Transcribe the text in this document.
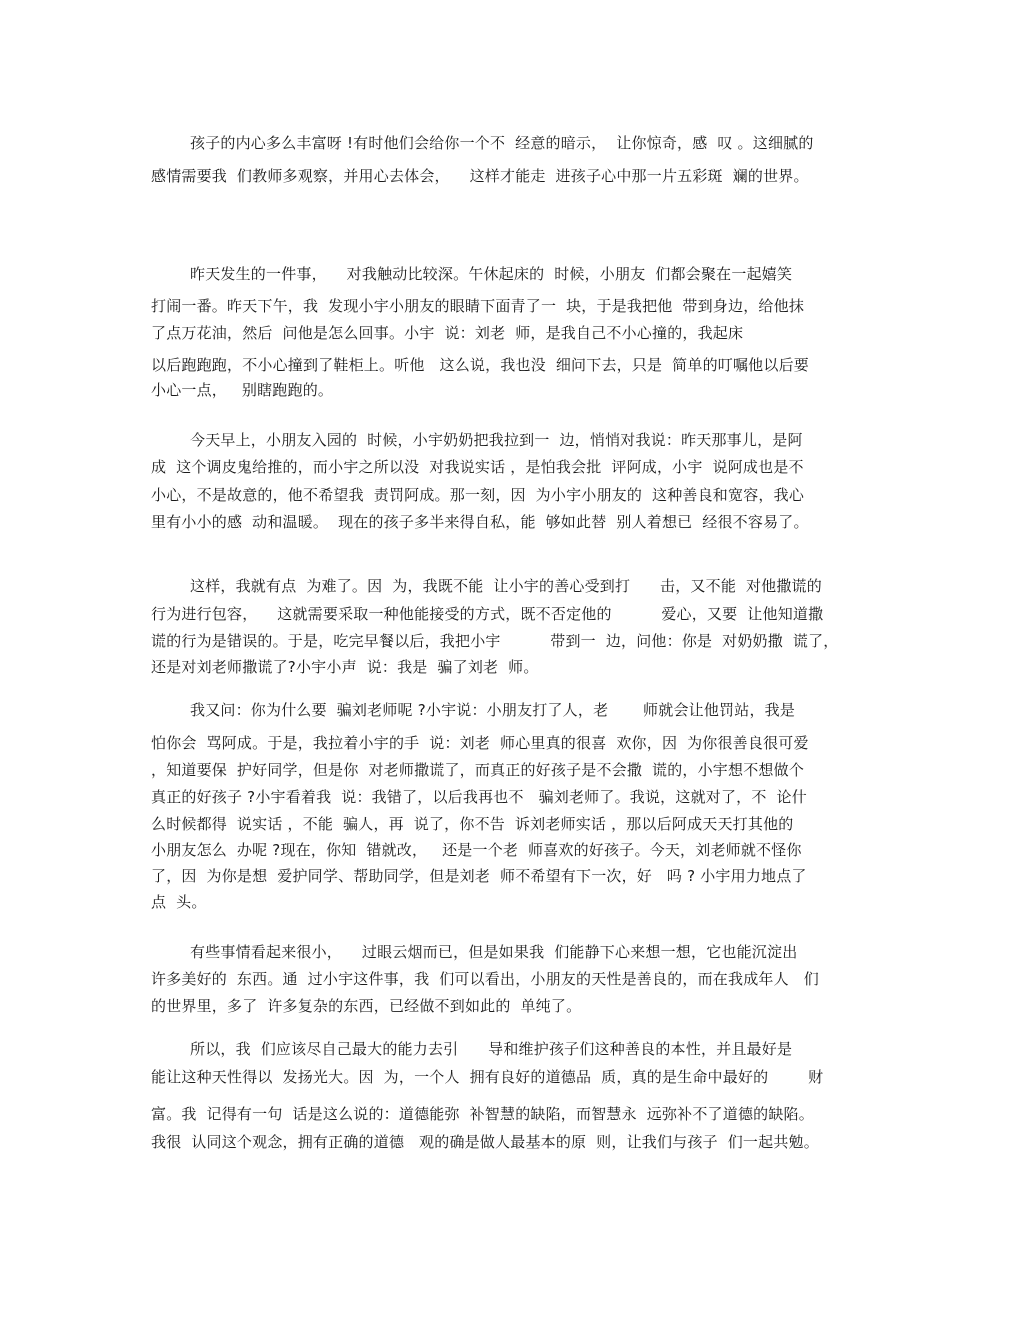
孩子的内心多么丰富呀 !有时他们会给你一个不  经意的暗示，  让你惊奇，感  叹 。这细腻的
感情需要我  们教师多观察，并用心去体会，    这样才能走  进孩子心中那一片五彩斑  斓的世界。
昨天发生的一件事，    对我触动比较深。午休起床的  时候，小朋友  们都会聚在一起嬉笑
打闹一番。昨天下午，我  发现小宇小朋友的眼睛下面青了一  块，于是我把他  带到身边，给他抹
了点万花油，然后  问他是怎么回事。小宇  说：刘老  师，是我自己不小心撞的，我起床
以后跑跑跑，不小心撞到了鞋柜上。听他   这么说，我也没  细问下去，只是  简单的叮嘱他以后要
小心一点，   别瞎跑跑的。
今天早上，小朋友入园的  时候，小宇奶奶把我拉到一  边，悄悄对我说：昨天那事儿，是阿
成  这个调皮鬼给推的，而小宇之所以没  对我说实话 ，是怕我会批  评阿成，小宇  说阿成也是不
小心，不是故意的，他不希望我  责罚阿成。那一刻，因  为小宇小朋友的  这种善良和宽容，我心
里有小小的感  动和温暖。  现在的孩子多半来得自私，能  够如此替  别人着想已  经很不容易了。
这样，我就有点  为难了。因  为，我既不能  让小宇的善心受到打      击，又不能  对他撒谎的
行为进行包容，    这就需要采取一种他能接受的方式，既不否定他的          爱心，又要  让他知道撒
谎的行为是错误的。于是，吃完早餐以后，我把小宇          带到一  边，问他：你是  对奶奶撒  谎了，
还是对刘老师撒谎了?小宇小声  说：我是  骗了刘老  师。
我又问：你为什么要  骗刘老师呢 ?小宇说：小朋友打了人，老       师就会让他罚站，我是
怕你会  骂阿成。于是，我拉着小宇的手  说：刘老  师心里真的很喜  欢你，因  为你很善良很可爱
，知道要保  护好同学，但是你  对老师撒谎了，而真正的好孩子是不会撒  谎的，小宇想不想做个
真正的好孩子 ?小宇看着我  说：我错了，以后我再也不   骗刘老师了。我说，这就对了，不  论什
么时候都得  说实话 ，不能  骗人，再  说了，你不告  诉刘老师实话 ，那以后阿成天天打其他的
小朋友怎么  办呢 ?现在，你知  错就改，   还是一个老  师喜欢的好孩子。今天，刘老师就不怪你
了，因  为你是想  爱护同学、帮助同学，但是刘老  师不希望有下一次，好   吗 ? 小宇用力地点了
点  头。
有些事情看起来很小，    过眼云烟而已，但是如果我  们能静下心来想一想，它也能沉淀出
许多美好的  东西。通  过小宇这件事，我  们可以看出，小朋友的天性是善良的，而在我成年人   们
的世界里，多了  许多复杂的东西，已经做不到如此的  单纯了。
所以，我  们应该尽自己最大的能力去引      导和维护孩子们这种善良的本性，并且最好是
能让这种天性得以  发扬光大。因  为，一个人  拥有良好的道德品  质，真的是生命中最好的        财
富。我  记得有一句  话是这么说的：道德能弥  补智慧的缺陷，而智慧永  远弥补不了道德的缺陷。
我很  认同这个观念，拥有正确的道德   观的确是做人最基本的原  则，让我们与孩子  们一起共勉。
